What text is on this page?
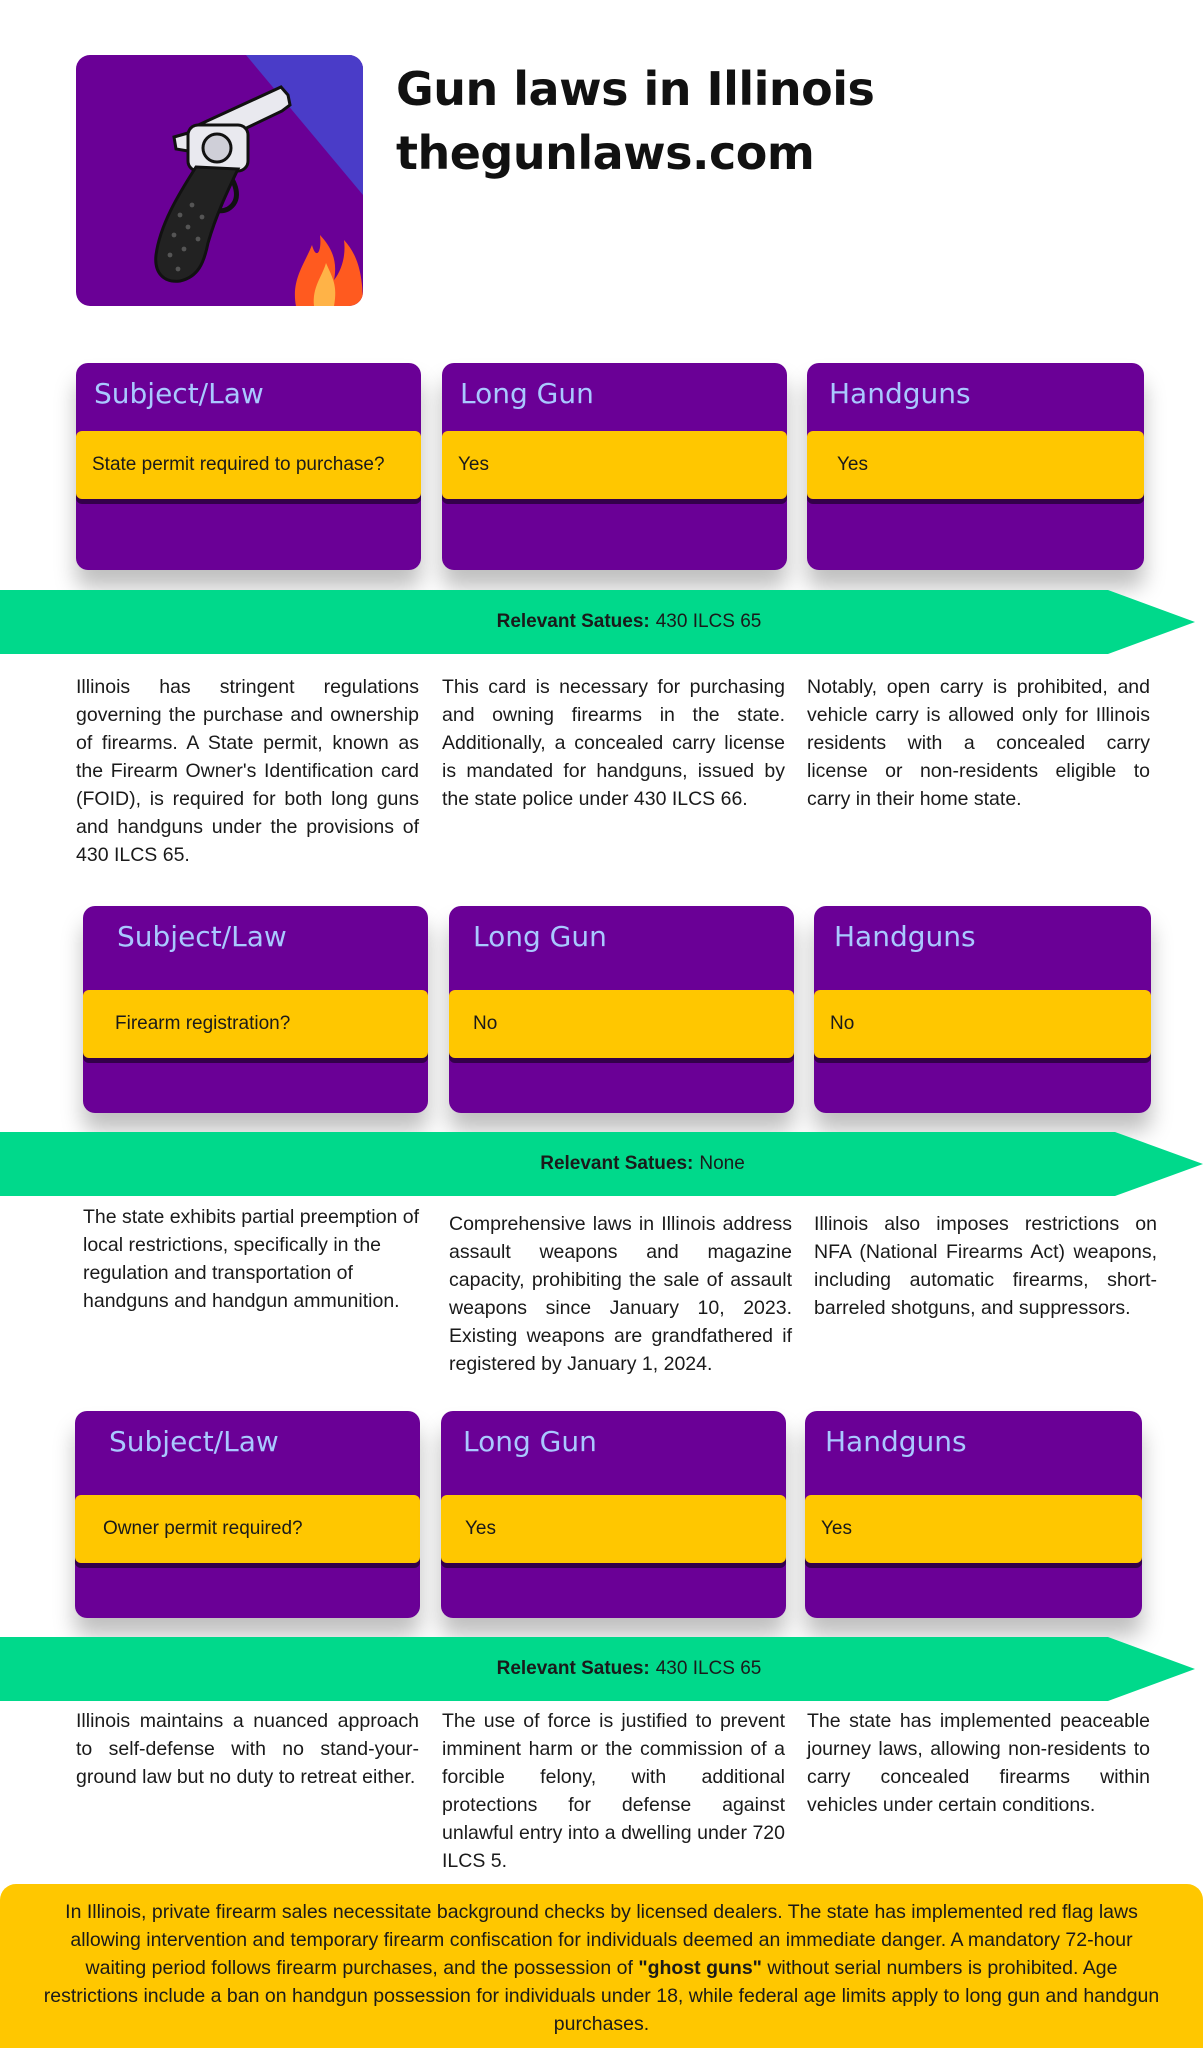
Gun laws in Illinois
thegunlaws.com
Subject/Law
State permit required to purchase?
Long Gun
Yes
Handguns
Yes
Relevant Satues: 430 ILCS 65
Illinois has stringent regulations governing the purchase and ownership of firearms. A State permit, known as the Firearm Owner's Identification card (FOID), is required for both long guns and handguns under the provisions of 430 ILCS 65.
This card is necessary for purchasing and owning firearms in the state. Additionally, a concealed carry license is mandated for handguns, issued by the state police under 430 ILCS 66.
Notably, open carry is prohibited, and vehicle carry is allowed only for Illinois residents with a concealed carry license or non-residents eligible to carry in their home state.
Subject/Law
Firearm registration?
Long Gun
No
Handguns
No
Relevant Satues: None
The state exhibits partial preemption of local restrictions, specifically in the regulation and transportation of handguns and handgun ammunition.
Comprehensive laws in Illinois address assault weapons and magazine capacity, prohibiting the sale of assault weapons since January 10, 2023. Existing weapons are grandfathered if registered by January 1, 2024.
Illinois also imposes restrictions on NFA (National Firearms Act) weapons, including automatic firearms, short-barreled shotguns, and suppressors.
Subject/Law
Owner permit required?
Long Gun
Yes
Handguns
Yes
Relevant Satues: 430 ILCS 65
Illinois maintains a nuanced approach to self-defense with no stand-your-ground law but no duty to retreat either.
The use of force is justified to prevent imminent harm or the commission of a forcible felony, with additional protections for defense against unlawful entry into a dwelling under 720 ILCS 5.
The state has implemented peaceable journey laws, allowing non-residents to carry concealed firearms within vehicles under certain conditions.
In Illinois, private firearm sales necessitate background checks by licensed dealers. The state has implemented red flag laws allowing intervention and temporary firearm confiscation for individuals deemed an immediate danger. A mandatory 72-hour waiting period follows firearm purchases, and the possession of "ghost guns" without serial numbers is prohibited. Age restrictions include a ban on handgun possession for individuals under 18, while federal age limits apply to long gun and handgun purchases.
